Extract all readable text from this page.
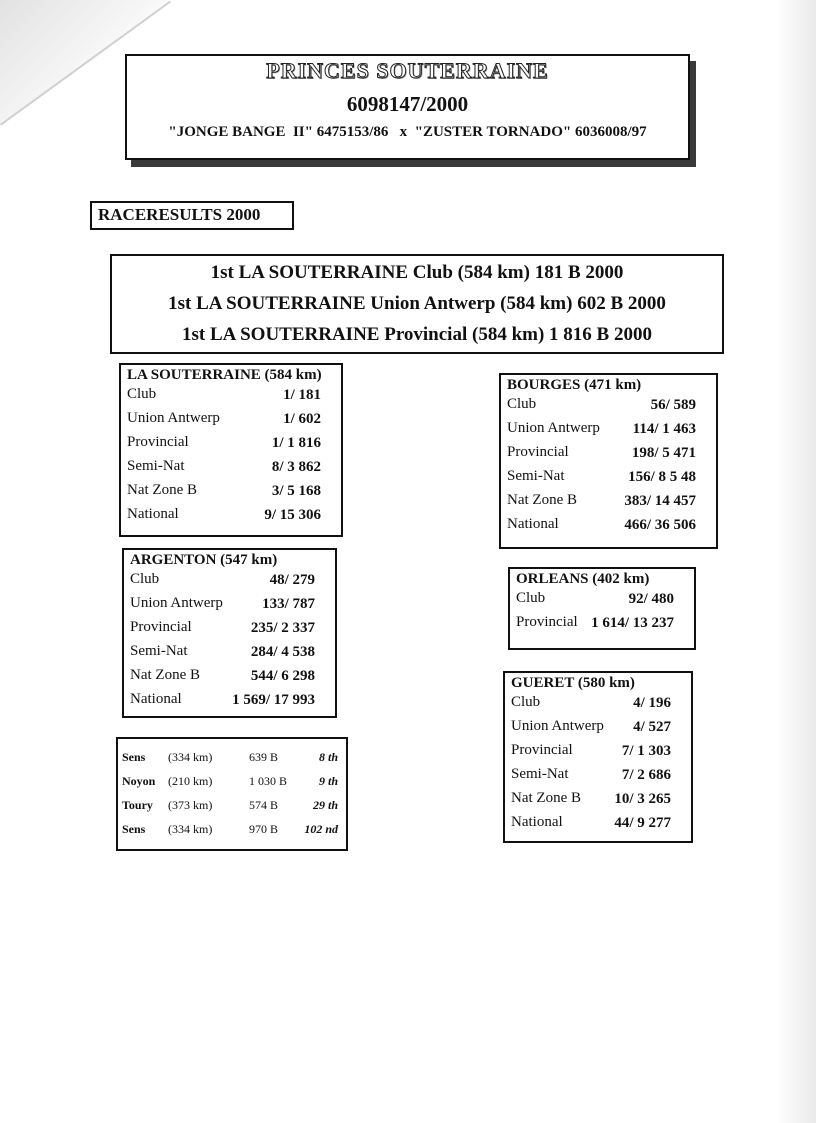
PRINCES SOUTERRAINE
6098147/2000
"JONGE BANGE  II" 6475153/86   x  "ZUSTER TORNADO" 6036008/97
RACERESULTS 2000
1st LA SOUTERRAINE Club (584 km) 181 B 2000
1st LA SOUTERRAINE Union Antwerp (584 km) 602 B 2000
1st LA SOUTERRAINE Provincial (584 km) 1 816 B 2000
LA SOUTERRAINE (584 km)
Club	1/ 181
Union Antwerp	1/ 602
Provincial	1/ 1 816
Semi-Nat	8/ 3 862
Nat Zone B	3/ 5 168
National	9/ 15 306
ARGENTON (547 km)
Club	48/ 279
Union Antwerp	133/ 787
Provincial	235/ 2 337
Semi-Nat	284/ 4 538
Nat Zone B	544/ 6 298
National	1 569/ 17 993
BOURGES (471 km)
Club	56/ 589
Union Antwerp 114/ 1 463
Provincial	198/ 5 471
Semi-Nat	156/ 8 5 48
Nat Zone B	383/ 14 457
National	466/ 36 506
ORLEANS (402 km)
Club	92/ 480
Provincial 1 614/ 13 237
GUERET (580 km)
Club	4/ 196
Union Antwerp 4/ 527
Provincial	7/ 1 303
Semi-Nat	7/ 2 686
Nat Zone B 10/ 3 265
National	44/ 9 277
Sens (334 km)	639 B	8 th
Noyon (210 km)	1 030 B	9 th
Toury (373 km)	574 B	29 th
Sens (334 km)	970 B	102 nd
